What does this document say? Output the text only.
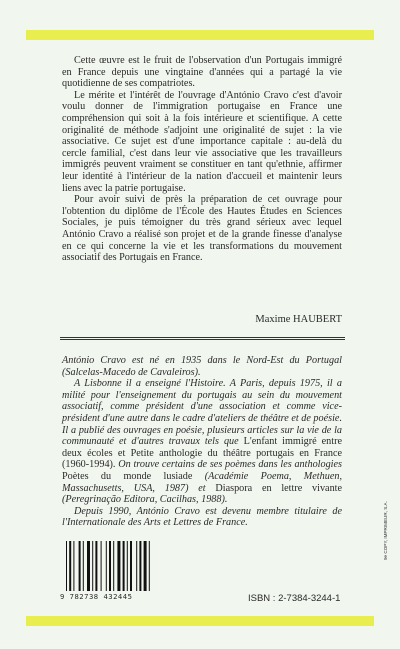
Cette œuvre est le fruit de l'observation d'un Portugais immigré en France depuis une vingtaine d'années qui a partagé la vie quotidienne de ses compatriotes.

Le mérite et l'intérêt de l'ouvrage d'António Cravo c'est d'avoir voulu donner de l'immigration portugaise en France une compréhension qui soit à la fois intérieure et scientifique. A cette originalité de méthode s'adjoint une originalité de sujet : la vie associative. Ce sujet est d'une importance capitale : au-delà du cercle familial, c'est dans leur vie associative que les travailleurs immigrés peuvent vraiment se constituer en tant qu'ethnie, affirmer leur identité à l'intérieur de la nation d'accueil et maintenir leurs liens avec la patrie portugaise.

Pour avoir suivi de près la préparation de cet ouvrage pour l'obtention du diplôme de l'École des Hautes Études en Sciences Sociales, je puis témoigner du très grand sérieux avec lequel António Cravo a réalisé son projet et de la grande finesse d'analyse en ce qui concerne la vie et les transformations du mouvement associatif des Portugais en France.

Maxime HAUBERT

António Cravo est né en 1935 dans le Nord-Est du Portugal (Salcelas-Macedo de Cavaleiros).

A Lisbonne il a enseigné l'Histoire. A Paris, depuis 1975, il a milité pour l'enseignement du portugais au sein du mouvement associatif, comme président d'une association et comme vice-président d'une autre dans le cadre d'ateliers de théâtre et de poésie. Il a publié des ouvrages en poésie, plusieurs articles sur la vie de la communauté et d'autres travaux tels que L'enfant immigré entre deux écoles et Petite anthologie du théâtre portugais en France (1960-1994). On trouve certains de ses poèmes dans les anthologies Poètes du monde lusiade (Académie Poema, Methuen, Massachusetts, USA, 1987) et Diaspora en lettre vivante (Peregrinação Editora, Cacilhas, 1988).

Depuis 1990, António Cravo est devenu membre titulaire de l'Internationale des Arts et Lettres de France.

9 782738 432445	ISBN : 2-7384-3244-1
9e COPY, IMPRIMEUR, S.A.
